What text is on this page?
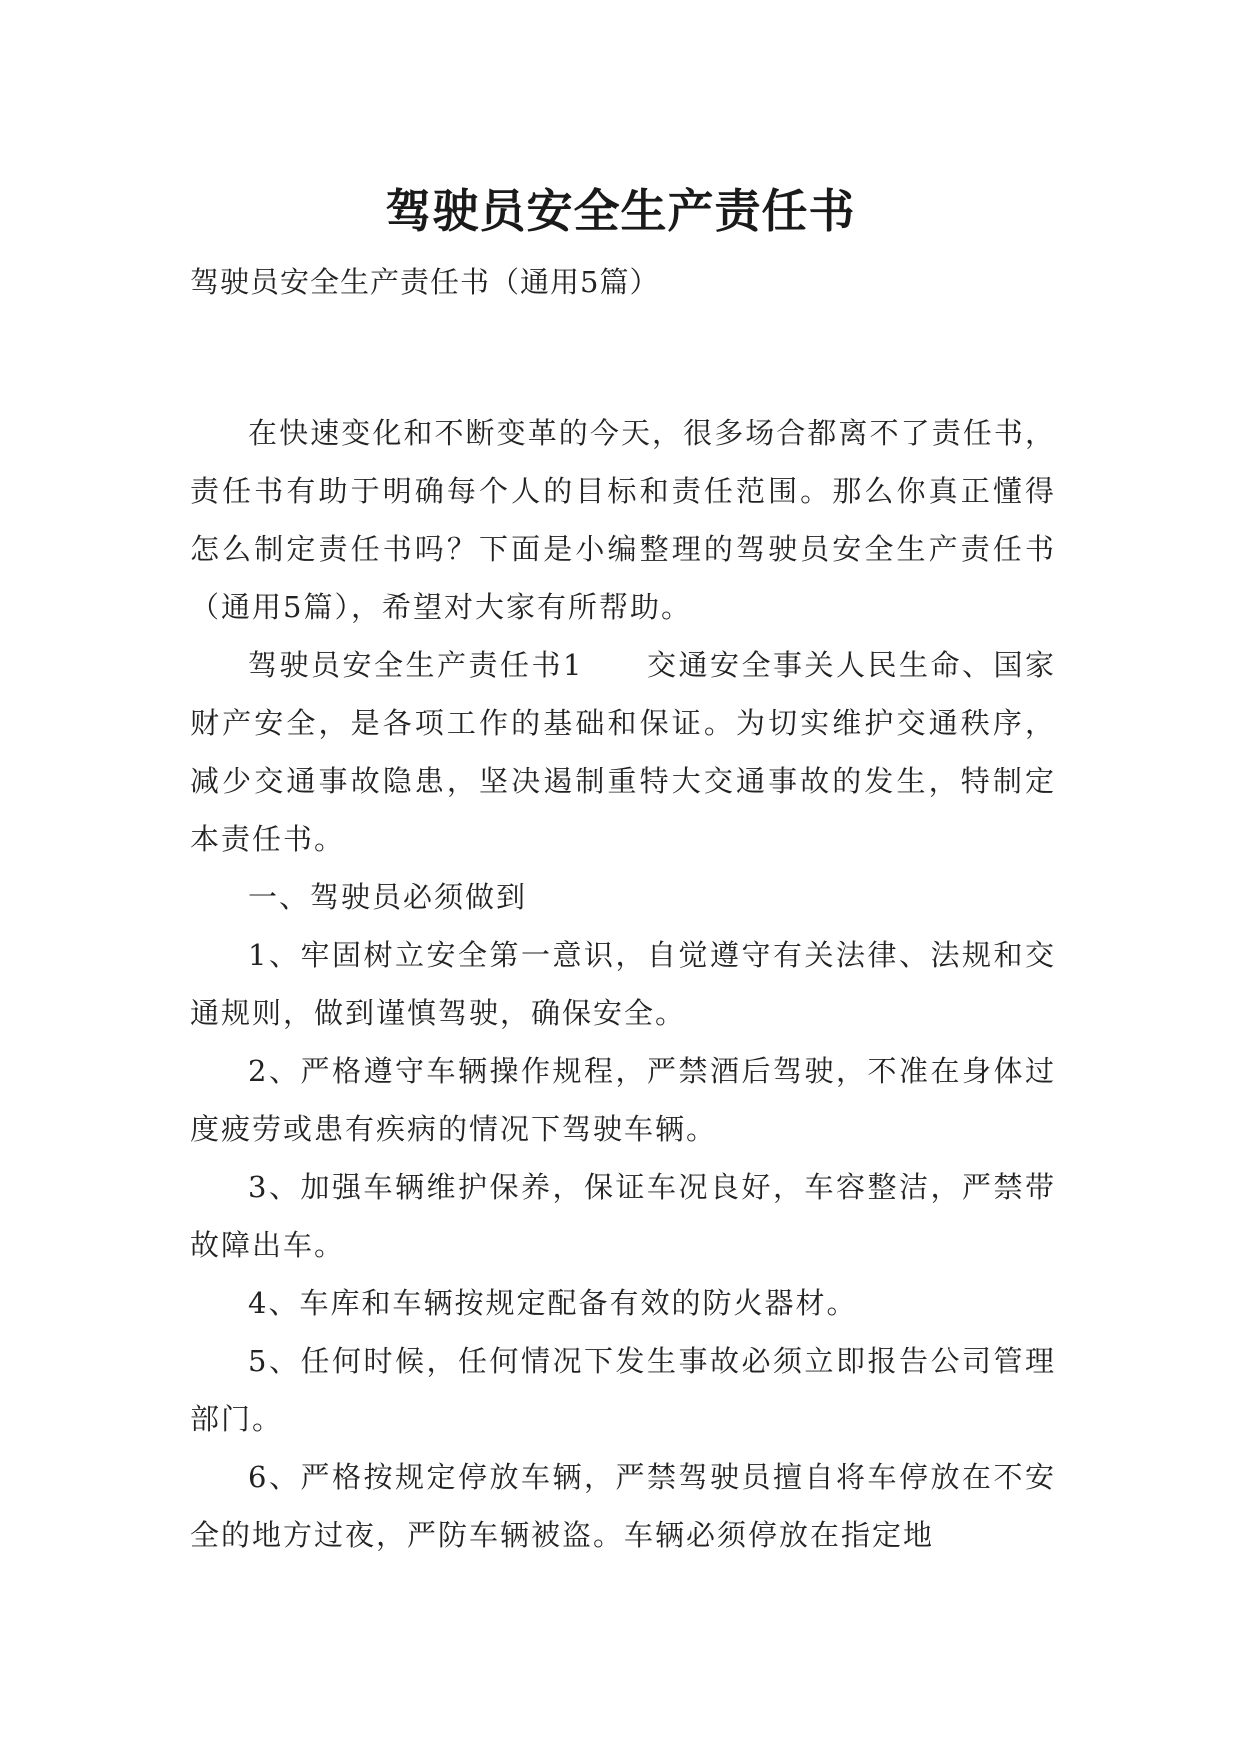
驾驶员安全生产责任书
驾驶员安全生产责任书（通用5篇）

在快速变化和不断变革的今天，很多场合都离不了责任书，责任书有助于明确每个人的目标和责任范围。那么你真正懂得怎么制定责任书吗？下面是小编整理的驾驶员安全生产责任书（通用5篇），希望对大家有所帮助。

驾驶员安全生产责任书1　　交通安全事关人民生命、国家财产安全，是各项工作的基础和保证。为切实维护交通秩序，减少交通事故隐患，坚决遏制重特大交通事故的发生，特制定本责任书。

一、驾驶员必须做到

1、牢固树立安全第一意识，自觉遵守有关法律、法规和交通规则，做到谨慎驾驶，确保安全。

2、严格遵守车辆操作规程，严禁酒后驾驶，不准在身体过度疲劳或患有疾病的情况下驾驶车辆。

3、加强车辆维护保养，保证车况良好，车容整洁，严禁带故障出车。

4、车库和车辆按规定配备有效的防火器材。

5、任何时候，任何情况下发生事故必须立即报告公司管理部门。

6、严格按规定停放车辆，严禁驾驶员擅自将车停放在不安全的地方过夜，严防车辆被盗。车辆必须停放在指定地
